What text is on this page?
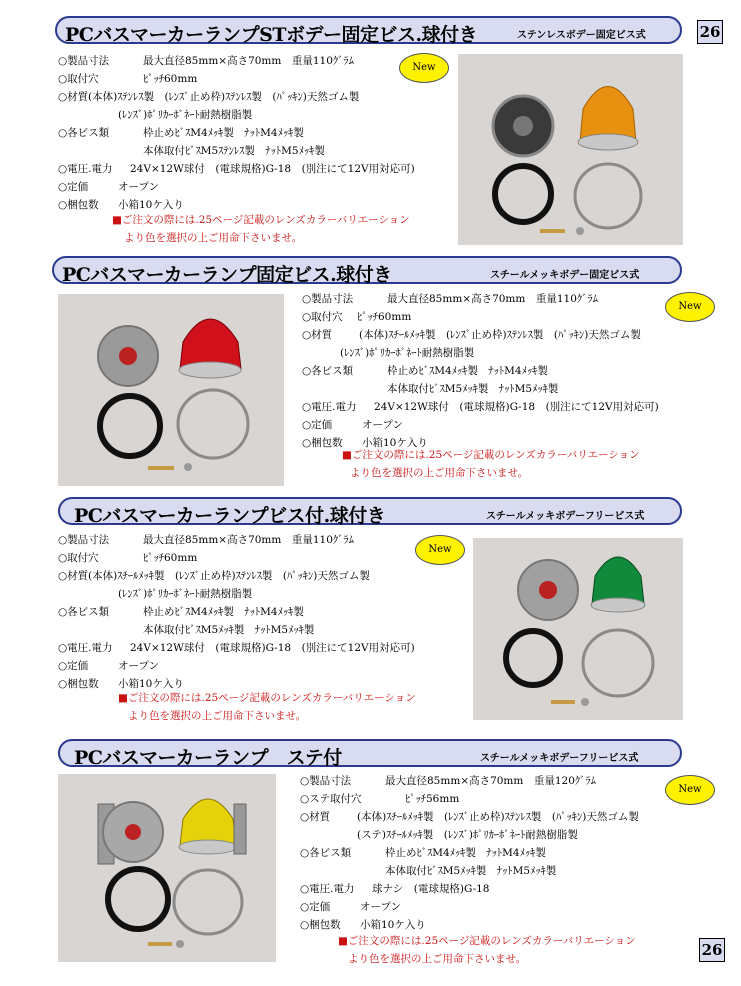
26
26
PCバスマーカーランプSTボデー固定ビス.球付き	ステンレスボデー固定ビス式
○製品寸法	最大直径85mm×高さ70mm　重量110ｸﾞﾗﾑ
○取付穴	ﾋﾟｯﾁ60mm
○材質 (本体)ｽﾃﾝﾚｽ製　(ﾚﾝｽﾞ止め枠)ｽﾃﾝﾚｽ製　(ﾊﾟｯｷﾝ)天然ゴム製
(ﾚﾝｽﾞ)ﾎﾟﾘｶｰﾎﾞﾈｰﾄ耐熱樹脂製
○各ビス類	枠止めﾋﾞｽM4ﾒｯｷ製　ﾅｯﾄM4ﾒｯｷ製
本体取付ﾋﾞｽM5ｽﾃﾝﾚｽ製　ﾅｯﾄM5ﾒｯｷ製
○電圧.電力 24V×12W球付　(電球規格)G-18　(別注にて12V用対応可)
○定価	オープン
○梱包数 小箱10ケ入り
■ご注文の際には.25ページ記載のレンズカラーバリエーション
より色を選択の上ご用命下さいませ。
New
PCバスマーカーランプ固定ビス.球付き	スチールメッキボデー固定ビス式
○製品寸法	最大直径85mm×高さ70mm　重量110ｸﾞﾗﾑ
○取付穴 ﾋﾟｯﾁ60mm
○材質	(本体)ｽﾁｰﾙﾒｯｷ製　(ﾚﾝｽﾞ止め枠)ｽﾃﾝﾚｽ製　(ﾊﾟｯｷﾝ)天然ゴム製
(ﾚﾝｽﾞ)ﾎﾟﾘｶｰﾎﾞﾈｰﾄ耐熱樹脂製
○各ビス類	枠止めﾋﾞｽM4ﾒｯｷ製　ﾅｯﾄM4ﾒｯｷ製
本体取付ﾋﾞｽM5ﾒｯｷ製　ﾅｯﾄM5ﾒｯｷ製
○電圧.電力 24V×12W球付　(電球規格)G-18　(別注にて12V用対応可)
○定価	オープン
○梱包数 小箱10ケ入り
■ご注文の際には.25ページ記載のレンズカラーバリエーション
より色を選択の上ご用命下さいませ。
New
PCバスマーカーランプビス付.球付き	スチールメッキボデーフリービス式
○製品寸法	最大直径85mm×高さ70mm　重量110ｸﾞﾗﾑ
○取付穴	ﾋﾟｯﾁ60mm
○材質 (本体)ｽﾁｰﾙﾒｯｷ製　(ﾚﾝｽﾞ止め枠)ｽﾃﾝﾚｽ製　(ﾊﾟｯｷﾝ)天然ゴム製
(ﾚﾝｽﾞ)ﾎﾟﾘｶｰﾎﾞﾈｰﾄ耐熱樹脂製
○各ビス類	枠止めﾋﾞｽM4ﾒｯｷ製　ﾅｯﾄM4ﾒｯｷ製
本体取付ﾋﾞｽM5ﾒｯｷ製　ﾅｯﾄM5ﾒｯｷ製
○電圧.電力 24V×12W球付　(電球規格)G-18　(別注にて12V用対応可)
○定価	オープン
○梱包数 小箱10ケ入り
■ご注文の際には.25ページ記載のレンズカラーバリエーション
より色を選択の上ご用命下さいませ。
New
PCバスマーカーランプ　ステ付	スチールメッキボデーフリービス式
○製品寸法	最大直径85mm×高さ70mm　重量120ｸﾞﾗﾑ
○ステ取付穴	ﾋﾟｯﾁ56mm
○材質	(本体)ｽﾁｰﾙﾒｯｷ製　(ﾚﾝｽﾞ止め枠)ｽﾃﾝﾚｽ製　(ﾊﾟｯｷﾝ)天然ゴム製
(ステ)ｽﾁｰﾙﾒｯｷ製　(ﾚﾝｽﾞ)ﾎﾟﾘｶｰﾎﾞﾈｰﾄ耐熱樹脂製
○各ビス類	枠止めﾋﾞｽM4ﾒｯｷ製　ﾅｯﾄM4ﾒｯｷ製
本体取付ﾋﾞｽM5ﾒｯｷ製　ﾅｯﾄM5ﾒｯｷ製
○電圧.電力 球ナシ　(電球規格)G-18
○定価	オープン
○梱包数 小箱10ケ入り
■ご注文の際には.25ページ記載のレンズカラーバリエーション
より色を選択の上ご用命下さいませ。
New
